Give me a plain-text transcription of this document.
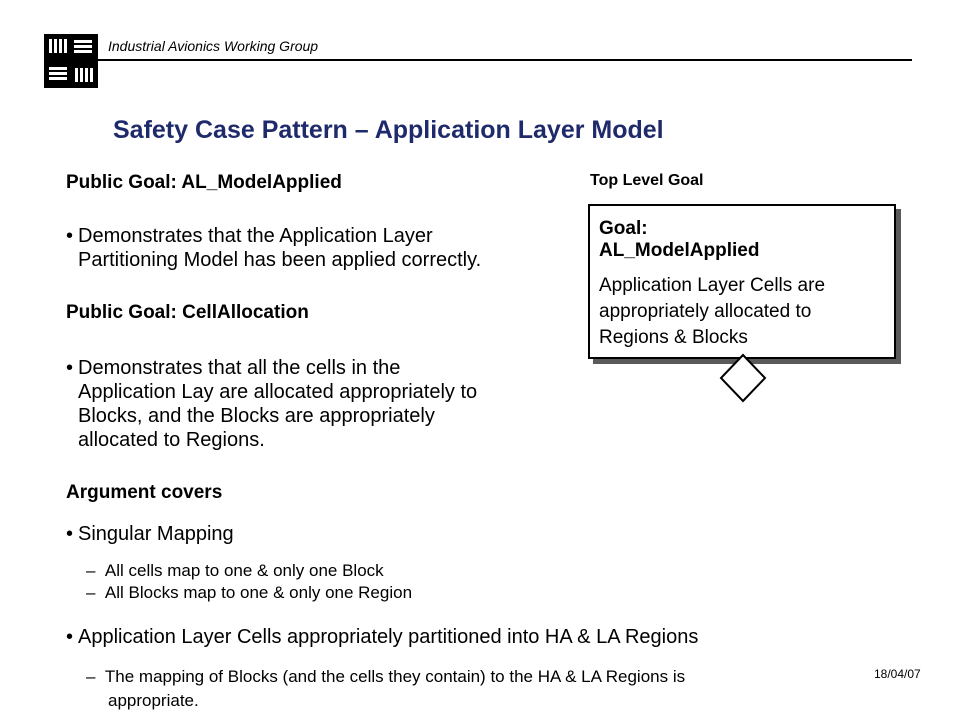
Industrial Avionics Working Group
Safety Case Pattern – Application Layer Model
Public Goal: AL_ModelApplied
• Demonstrates that the Application Layer
Partitioning Model has been applied correctly.
Public Goal: CellAllocation
• Demonstrates that all the cells in the
Application Lay are allocated appropriately to
Blocks, and the Blocks are appropriately
allocated to Regions.
Argument covers
• Singular Mapping
–  All cells map to one & only one Block
–  All Blocks map to one & only one Region
• Application Layer Cells appropriately partitioned into HA & LA Regions
–  The mapping of Blocks (and the cells they contain) to the HA & LA Regions is
appropriate.
Top Level Goal
Goal:
AL_ModelApplied
Application Layer Cells are
appropriately allocated to
Regions & Blocks
18/04/07
